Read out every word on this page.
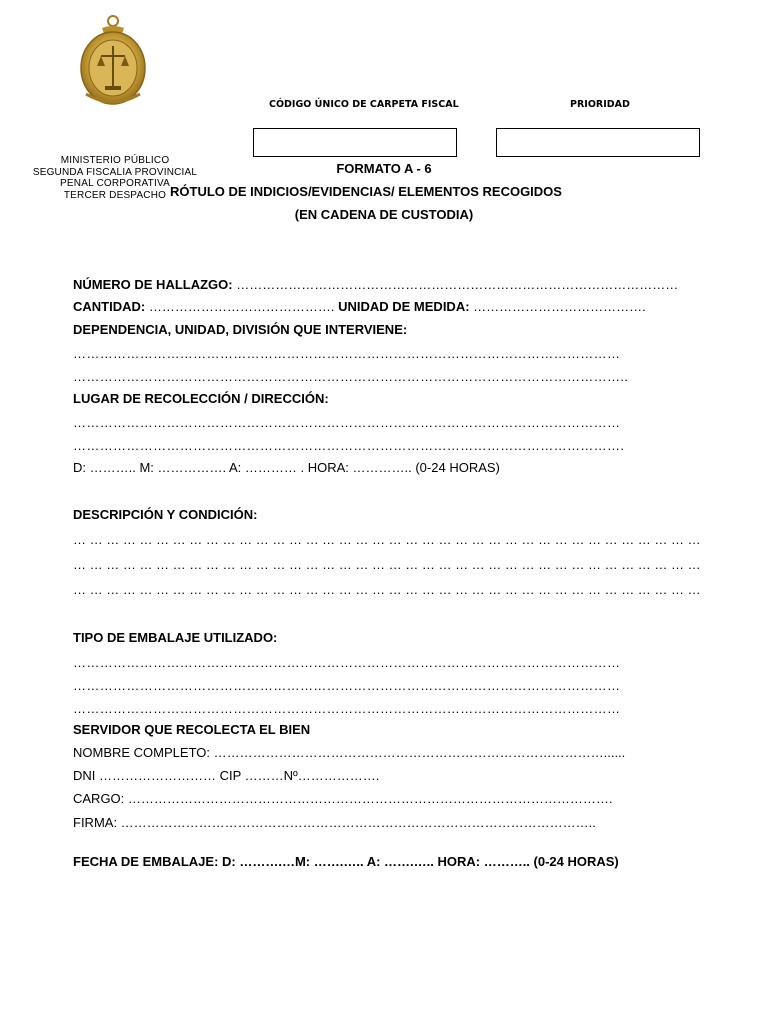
MINISTERIO PÚBLICO
SEGUNDA FISCALIA PROVINCIAL
PENAL CORPORATIVA
TERCER DESPACHO
CÓDIGO ÚNICO DE CARPETA FISCAL	PRIORIDAD
FORMATO A - 6
RÓTULO DE INDICIOS/EVIDENCIAS/ ELEMENTOS RECOGIDOS
(EN CADENA DE CUSTODIA)
NÚMERO DE HALLAZGO: …………………………………………………………………………………………
CANTIDAD: ……………………………………. UNIDAD DE MEDIDA: ………………………………….
DEPENDENCIA, UNIDAD, DIVISIÓN QUE INTERVIENE:
……………………………………………………………………………………………………………
……………………………………………………………………………………………………………..
LUGAR DE RECOLECCIÓN / DIRECCIÓN:
……………………………………………………………………………………………………………
…………………………………………………………………………………………………………….
D: ……….. M: ……………. A: ………… . HORA: ………….. (0-24 HORAS)
DESCRIPCIÓN Y CONDICIÓN:
… … … … … … … … … … … … … … … … … … … … … … … … … … … … … … … … … … … … … …
… … … … … … … … … … … … … … … … … … … … … … … … … … … … … … … … … … … … … …
… … … … … … … … … … … … … … … … … … … … … … … … … … … … … … … … … … … … … …
TIPO DE EMBALAJE UTILIZADO:
……………………………………………………………………………………………………………
……………………………………………………………………………………………………………
……………………………………………………………………………………………………………
SERVIDOR QUE RECOLECTA EL BIEN
NOMBRE COMPLETO: ………………………………………………………………………………......
DNI ……………………… CIP ………Nº……………….
CARGO: ………………………………………………………………………………………………….
FIRMA: ………………………………………………………………………………………………..
FECHA DE EMBALAJE: D: ……….…M: …….….. A: …….….. HORA: ……….. (0-24 HORAS)
